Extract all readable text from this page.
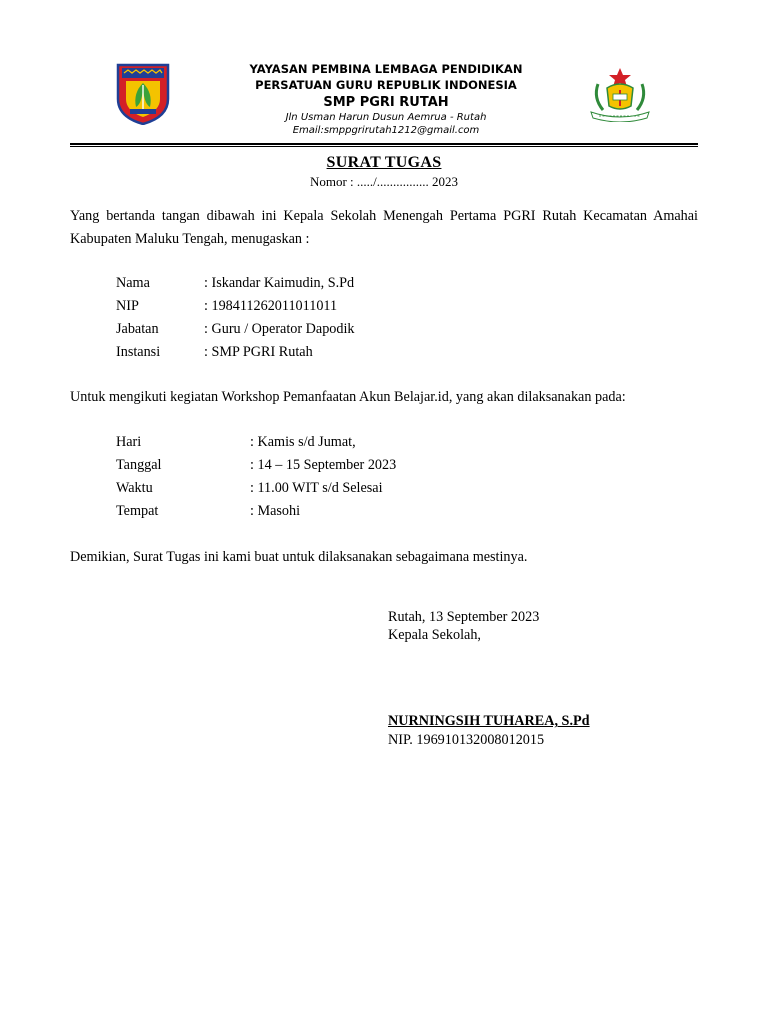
YAYASAN PEMBINA LEMBAGA PENDIDIKAN
PERSATUAN GURU REPUBLIK INDONESIA
SMP PGRI RUTAH
Jln Usman Harun Dusun Aemrua - Rutah
Email:smppgrirutah1212@gmail.com
SURAT TUGAS
Nomor : ...../................ 2023
Yang bertanda tangan dibawah ini Kepala Sekolah Menengah Pertama PGRI Rutah Kecamatan Amahai Kabupaten Maluku Tengah, menugaskan :
Nama	: Iskandar Kaimudin, S.Pd
NIP	: 198411262011011011
Jabatan	: Guru / Operator Dapodik
Instansi	: SMP PGRI Rutah
Untuk mengikuti kegiatan Workshop Pemanfaatan Akun Belajar.id, yang akan dilaksanakan pada:
Hari	: Kamis s/d Jumat,
Tanggal	: 14 – 15 September 2023
Waktu	: 11.00 WIT s/d Selesai
Tempat	: Masohi
Demikian, Surat Tugas ini kami buat untuk dilaksanakan sebagaimana mestinya.
Rutah, 13 September 2023
Kepala Sekolah,
NURNINGSIH TUHAREA, S.Pd
NIP. 196910132008012015
